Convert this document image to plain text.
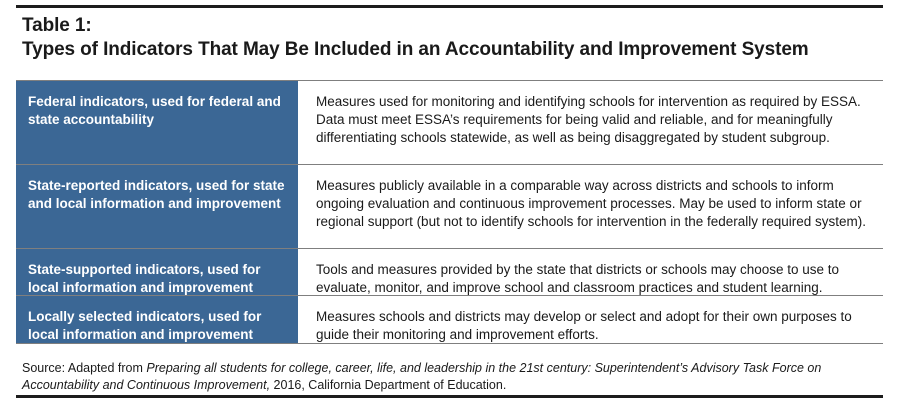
Table 1:
Types of Indicators That May Be Included in an Accountability and Improvement System
Federal indicators, used for federal and state accountability
Measures used for monitoring and identifying schools for intervention as required by ESSA. Data must meet ESSA’s requirements for being valid and reliable, and for meaningfully differentiating schools statewide, as well as being disaggregated by student subgroup.
State-reported indicators, used for state and local information and improvement
Measures publicly available in a comparable way across districts and schools to inform ongoing evaluation and continuous improvement processes. May be used to inform state or regional support (but not to identify schools for intervention in the federally required system).
State-supported indicators, used for local information and improvement
Tools and measures provided by the state that districts or schools may choose to use to evaluate, monitor, and improve school and classroom practices and student learning.
Locally selected indicators, used for local information and improvement
Measures schools and districts may develop or select and adopt for their own purposes to guide their monitoring and improvement efforts.
Source: Adapted from Preparing all students for college, career, life, and leadership in the 21st century: Superintendent’s Advisory Task Force on Accountability and Continuous Improvement, 2016, California Department of Education.
